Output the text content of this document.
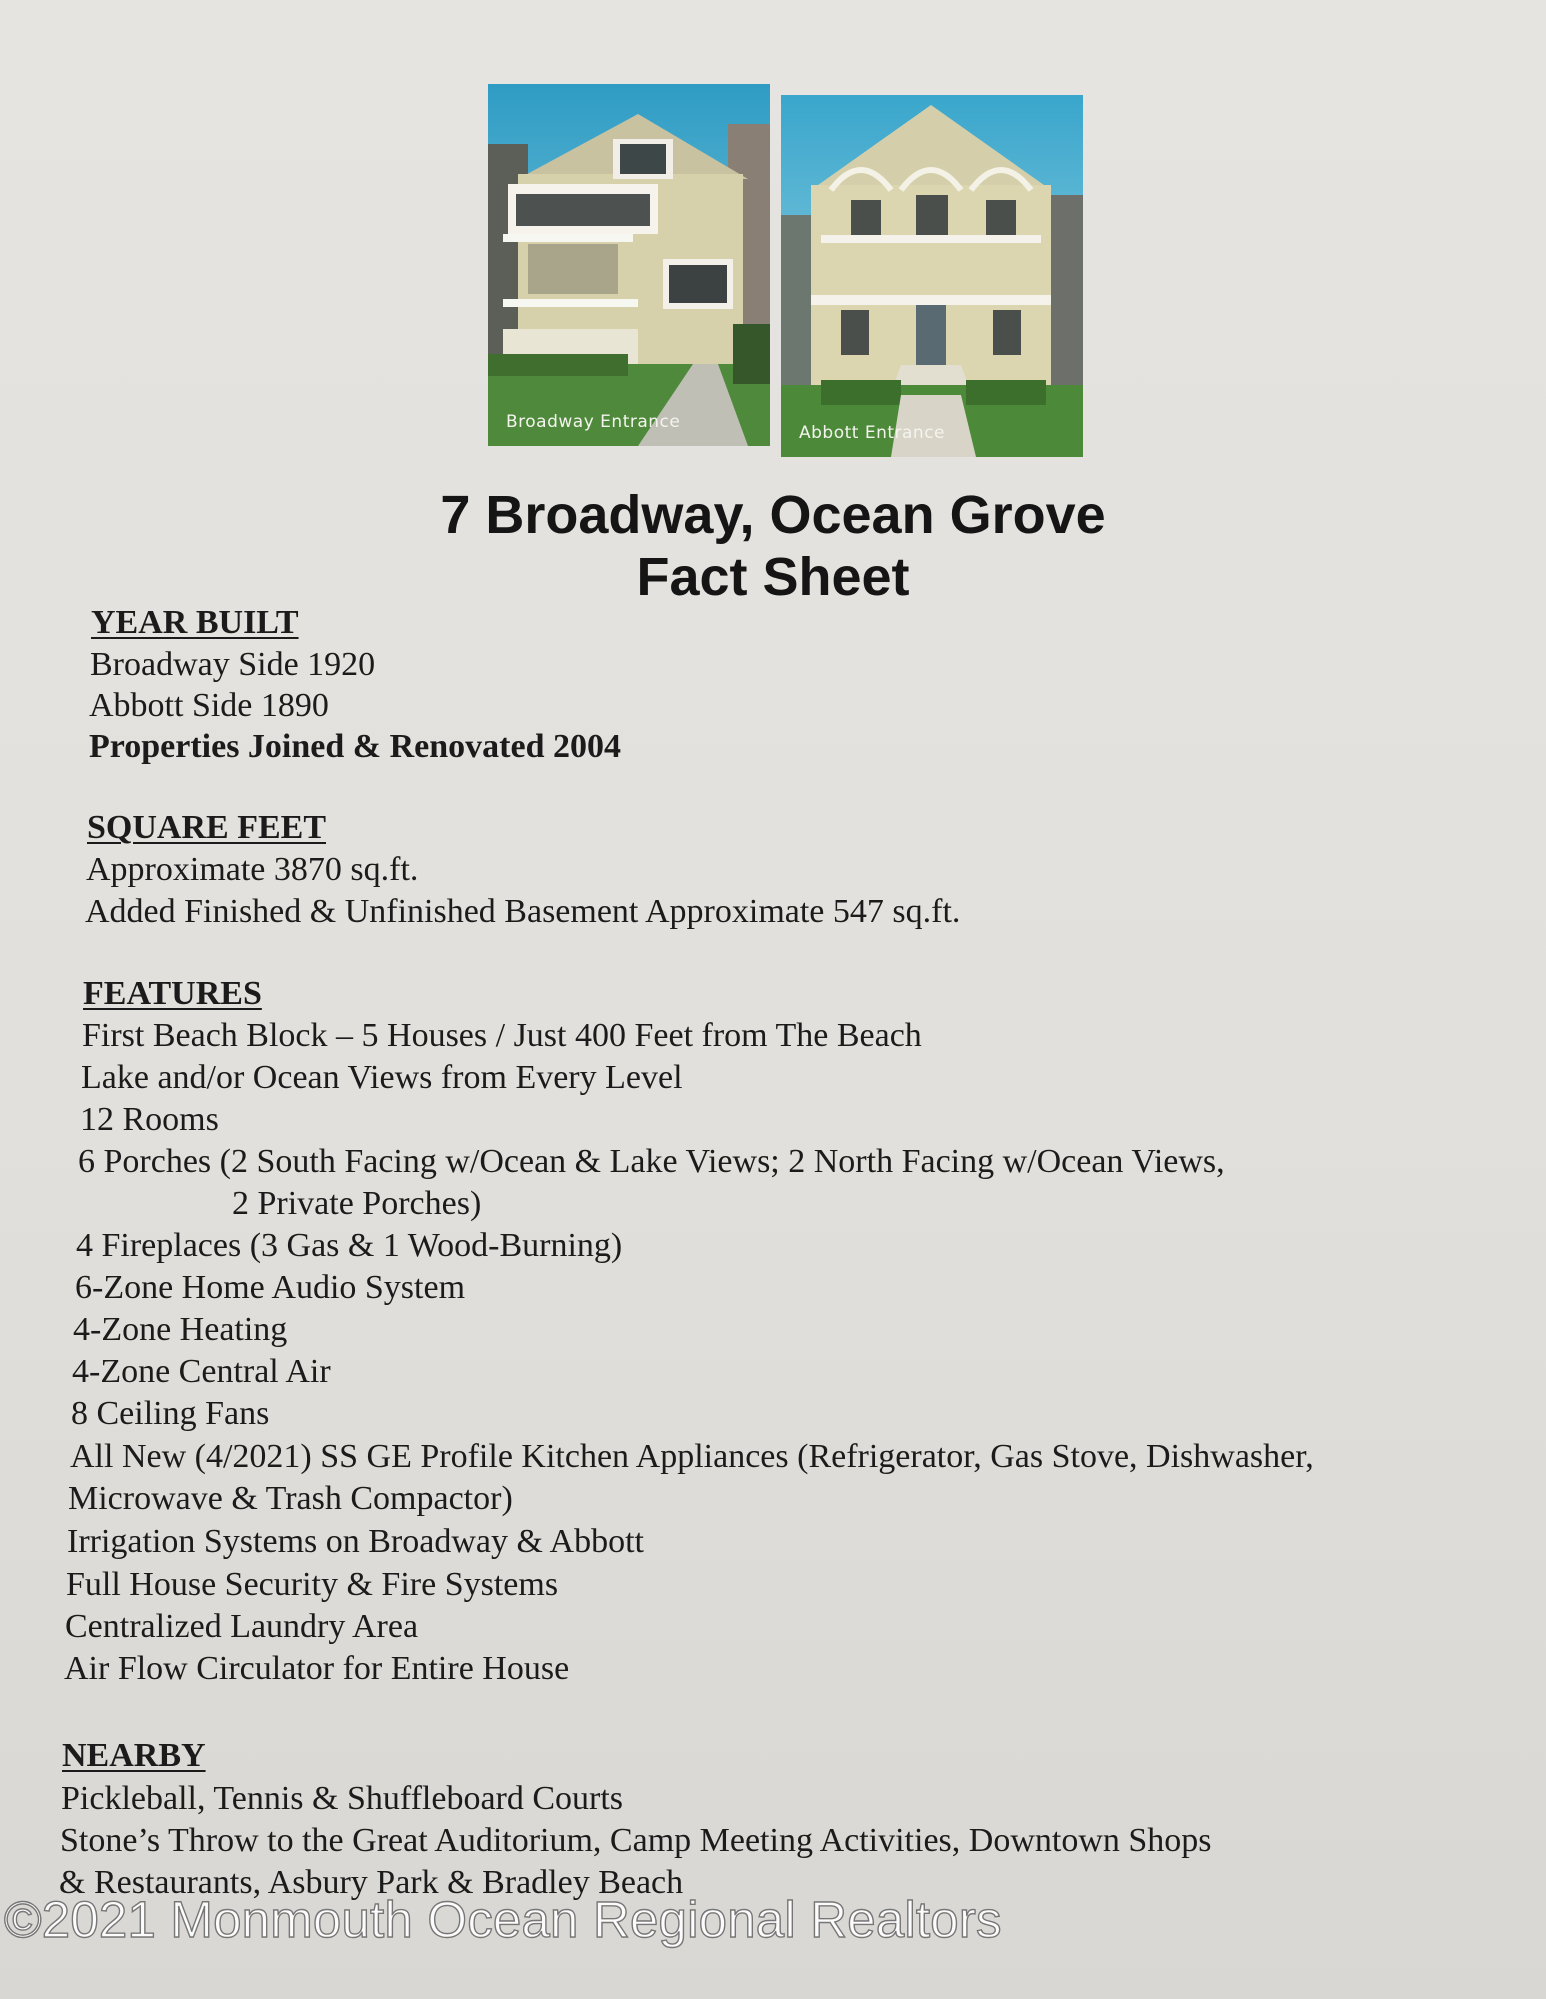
Broadway Entrance
Abbott Entrance
7 Broadway, Ocean Grove
Fact Sheet
YEAR BUILT
Broadway Side 1920
Abbott Side 1890
Properties Joined & Renovated 2004
SQUARE FEET
Approximate 3870 sq.ft.
Added Finished & Unfinished Basement Approximate 547 sq.ft.
FEATURES
First Beach Block – 5 Houses / Just 400 Feet from The Beach
Lake and/or Ocean Views from Every Level
12 Rooms
6 Porches (2 South Facing w/Ocean & Lake Views; 2 North Facing w/Ocean Views,
2 Private Porches)
4 Fireplaces (3 Gas & 1 Wood-Burning)
6-Zone Home Audio System
4-Zone Heating
4-Zone Central Air
8 Ceiling Fans
All New (4/2021) SS GE Profile Kitchen Appliances (Refrigerator, Gas Stove, Dishwasher,
Microwave & Trash Compactor)
Irrigation Systems on Broadway & Abbott
Full House Security & Fire Systems
Centralized Laundry Area
Air Flow Circulator for Entire House
NEARBY
Pickleball, Tennis & Shuffleboard Courts
Stone’s Throw to the Great Auditorium, Camp Meeting Activities, Downtown Shops
& Restaurants, Asbury Park & Bradley Beach
©2021 Monmouth Ocean Regional Realtors
